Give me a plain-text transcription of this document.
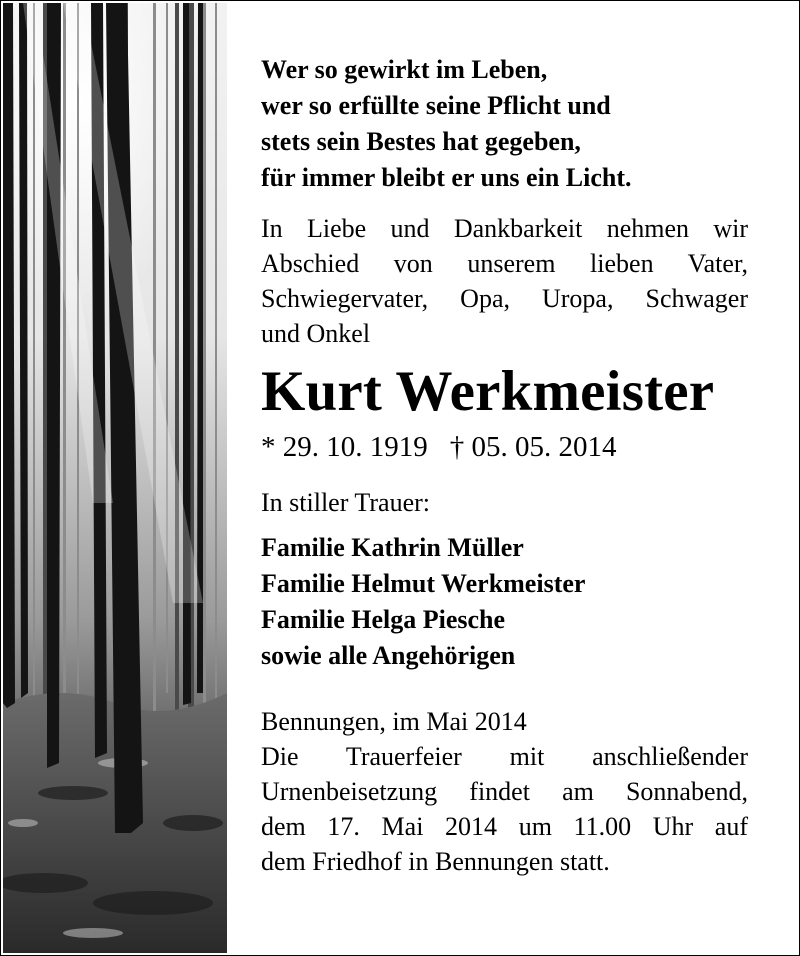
Wer so gewirkt im Leben,
wer so erfüllte seine Pflicht und
stets sein Bestes hat gegeben,
für immer bleibt er uns ein Licht.
In Liebe und Dankbarkeit nehmen wir
Abschied von unserem lieben Vater,
Schwiegervater, Opa, Uropa, Schwager
und Onkel
Kurt Werkmeister
* 29. 10. 1919 † 05. 05. 2014
In stiller Trauer:
Familie Kathrin Müller
Familie Helmut Werkmeister
Familie Helga Piesche
sowie alle Angehörigen
Bennungen, im Mai 2014
Die Trauerfeier mit anschließender
Urnenbeisetzung findet am Sonnabend,
dem 17. Mai 2014 um 11.00 Uhr auf
dem Friedhof in Bennungen statt.
